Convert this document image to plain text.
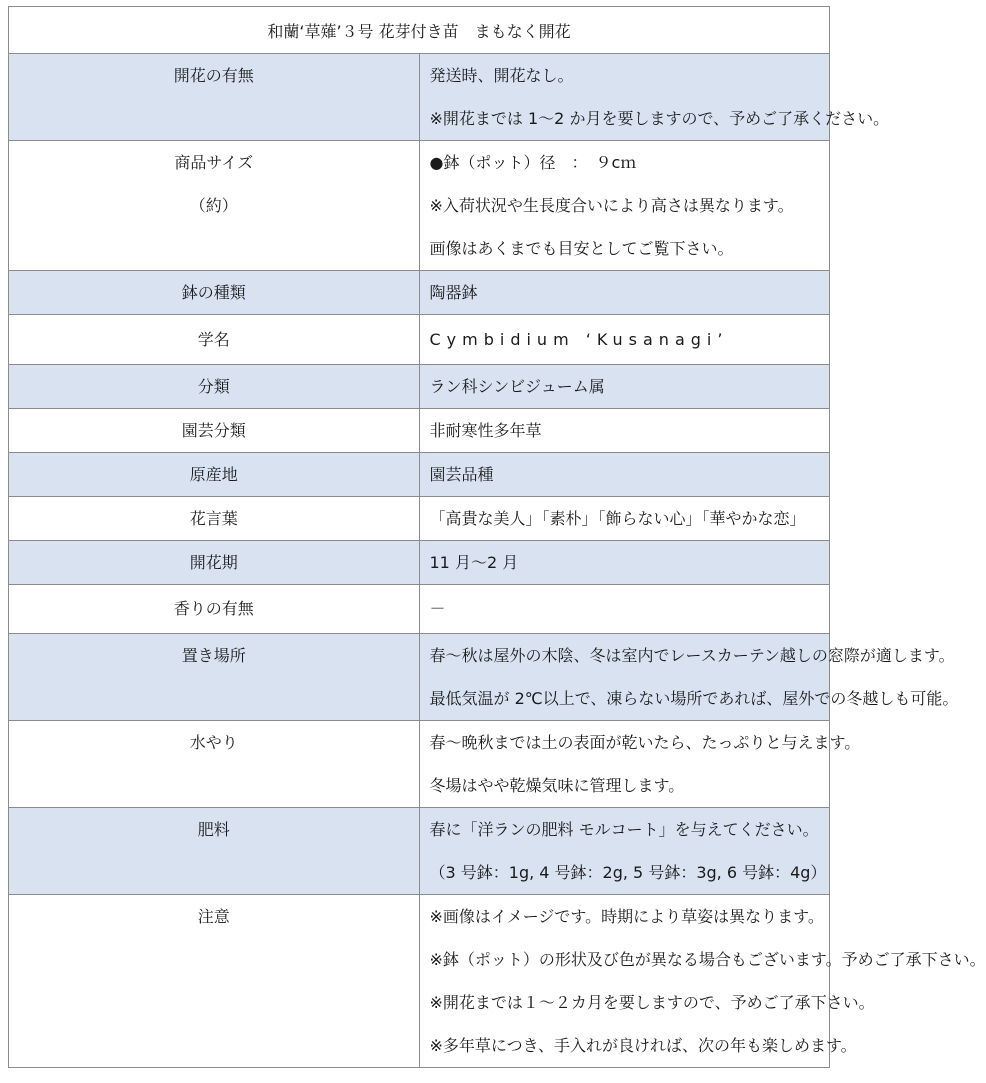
和蘭‘草薙’３号 花芽付き苗　まもなく開花	

開花の有無	発送時、開花なし。
※開花までは 1～2 か月を要しますので、予めご了承ください。

商品サイズ
（約）	●鉢（ポット）径　：　９cｍ
※入荷状況や生長度合いにより高さは異なります。
画像はあくまでも目安としてご覧下さい。

鉢の種類	陶器鉢

学名	Cymbidium ‘Kusanagi’

分類	ラン科シンビジューム属

園芸分類	非耐寒性多年草

原産地	園芸品種

花言葉	「高貴な美人」「素朴」「飾らない心」「華やかな恋」

開花期	11 月～2 月

香りの有無	－

置き場所	春～秋は屋外の木陰、冬は室内でレースカーテン越しの窓際が適します。
最低気温が 2℃以上で、凍らない場所であれば、屋外での冬越しも可能。

水やり	春～晩秋までは土の表面が乾いたら、たっぷりと与えます。
冬場はやや乾燥気味に管理します。

肥料	春に「洋ランの肥料 モルコート」を与えてください。
（3 号鉢：1g, 4 号鉢：2g, 5 号鉢：3g, 6 号鉢：4g）

注意	※画像はイメージです。時期により草姿は異なります。
※鉢（ポット）の形状及び色が異なる場合もございます。予めご了承下さい。
※開花までは１～２カ月を要しますので、予めご了承下さい。
※多年草につき、手入れが良ければ、次の年も楽しめます。
